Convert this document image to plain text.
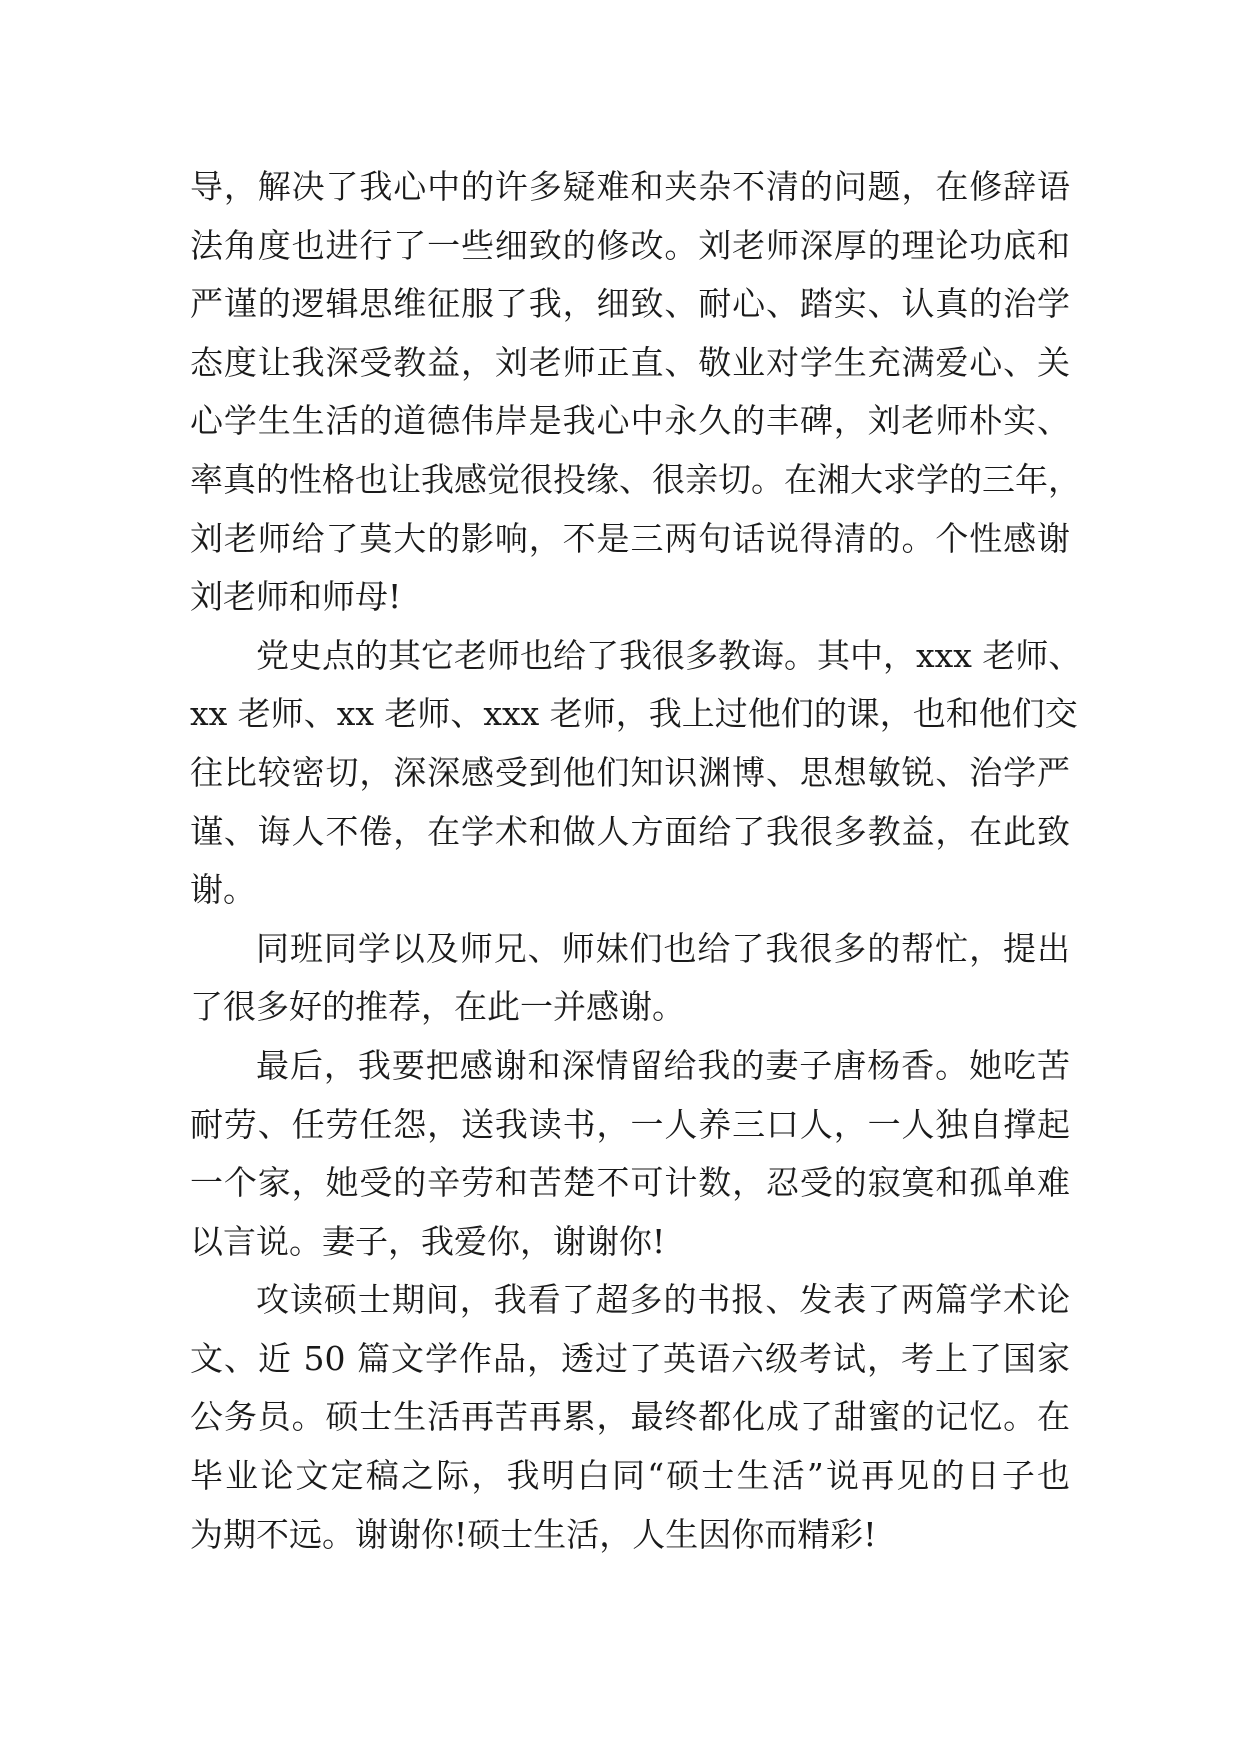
导，解决了我心中的许多疑难和夹杂不清的问题，在修辞语
法角度也进行了一些细致的修改。刘老师深厚的理论功底和
严谨的逻辑思维征服了我，细致、耐心、踏实、认真的治学
态度让我深受教益，刘老师正直、敬业对学生充满爱心、关
心学生生活的道德伟岸是我心中永久的丰碑，刘老师朴实、
率真的性格也让我感觉很投缘、很亲切。在湘大求学的三年，
刘老师给了莫大的影响，不是三两句话说得清的。个性感谢
刘老师和师母!
党史点的其它老师也给了我很多教诲。其中，xxx 老师、
xx 老师、xx 老师、xxx 老师，我上过他们的课，也和他们交
往比较密切，深深感受到他们知识渊博、思想敏锐、治学严
谨、诲人不倦，在学术和做人方面给了我很多教益，在此致
谢。
同班同学以及师兄、师妹们也给了我很多的帮忙，提出
了很多好的推荐，在此一并感谢。
最后，我要把感谢和深情留给我的妻子唐杨香。她吃苦
耐劳、任劳任怨，送我读书，一人养三口人，一人独自撑起
一个家，她受的辛劳和苦楚不可计数，忍受的寂寞和孤单难
以言说。妻子，我爱你，谢谢你!
攻读硕士期间，我看了超多的书报、发表了两篇学术论
文、近 50 篇文学作品，透过了英语六级考试，考上了国家
公务员。硕士生活再苦再累，最终都化成了甜蜜的记忆。在
毕业论文定稿之际，我明白同“硕士生活”说再见的日子也
为期不远。谢谢你!硕士生活，人生因你而精彩!
